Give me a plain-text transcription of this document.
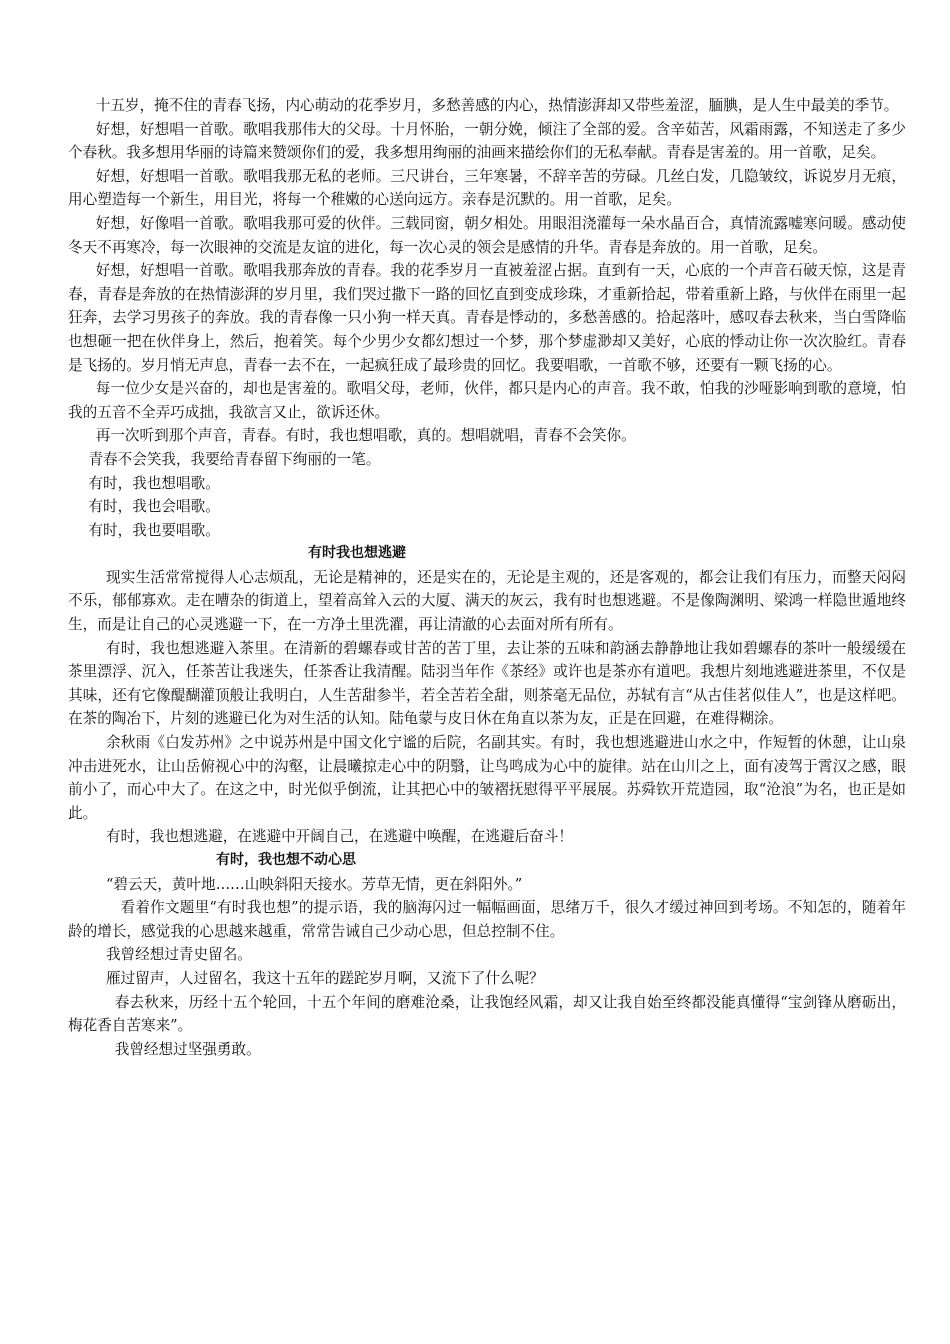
十五岁，掩不住的青春飞扬，内心萌动的花季岁月，多愁善感的内心，热情澎湃却又带些羞涩，腼腆，是人生中最美的季节。

好想，好想唱一首歌。歌唱我那伟大的父母。十月怀胎，一朝分娩，倾注了全部的爱。含辛茹苦，风霜雨露，不知送走了多少个春秋。我多想用华丽的诗篇来赞颂你们的爱，我多想用绚丽的油画来描绘你们的无私奉献。青春是害羞的。用一首歌，足矣。

好想，好想唱一首歌。歌唱我那无私的老师。三尺讲台，三年寒暑，不辞辛苦的劳碌。几丝白发，几隐皱纹，诉说岁月无痕，用心塑造每一个新生，用目光，将每一个稚嫩的心送向远方。亲春是沉默的。用一首歌，足矣。

好想，好像唱一首歌。歌唱我那可爱的伙伴。三载同窗，朝夕相处。用眼泪浇灌每一朵水晶百合，真情流露嘘寒问暖。感动使冬天不再寒冷，每一次眼神的交流是友谊的进化，每一次心灵的领会是感情的升华。青春是奔放的。用一首歌，足矣。

好想，好想唱一首歌。歌唱我那奔放的青春。我的花季岁月一直被羞涩占据。直到有一天，心底的一个声音石破天惊，这是青春，青春是奔放的在热情澎湃的岁月里，我们哭过撒下一路的回忆直到变成珍珠，才重新拾起，带着重新上路，与伙伴在雨里一起狂奔，去学习男孩子的奔放。我的青春像一只小狗一样天真。青春是悸动的，多愁善感的。拾起落叶，感叹春去秋来，当白雪降临也想砸一把在伙伴身上，然后，抱着笑。每个少男少女都幻想过一个梦，那个梦虚渺却又美好，心底的悸动让你一次次脸红。青春是飞扬的。岁月悄无声息，青春一去不在，一起疯狂成了最珍贵的回忆。我要唱歌，一首歌不够，还要有一颗飞扬的心。

每一位少女是兴奋的，却也是害羞的。歌唱父母，老师，伙伴，都只是内心的声音。我不敢，怕我的沙哑影响到歌的意境，怕我的五音不全弄巧成拙，我欲言又止，欲诉还休。

再一次听到那个声音，青春。有时，我也想唱歌，真的。想唱就唱，青春不会笑你。

青春不会笑我，我要给青春留下绚丽的一笔。

有时，我也想唱歌。

有时，我也会唱歌。

有时，我也要唱歌。

有时我也想逃避

现实生活常常搅得人心志烦乱，无论是精神的，还是实在的，无论是主观的，还是客观的，都会让我们有压力，而整天闷闷不乐，郁郁寡欢。走在嘈杂的街道上，望着高耸入云的大厦、满天的灰云，我有时也想逃避。不是像陶渊明、梁鸿一样隐世遁地终生，而是让自己的心灵逃避一下，在一方净土里洗濯，再让清澈的心去面对所有所有。

有时，我也想逃避入茶里。在清新的碧螺春或甘苦的苦丁里，去让茶的五味和韵涵去静静地让我如碧螺春的茶叶一般缓缓在茶里漂浮、沉入，任茶苦让我迷失，任茶香让我清醒。陆羽当年作《茶经》或许也是茶亦有道吧。我想片刻地逃避进茶里，不仅是其味，还有它像醍醐灌顶般让我明白，人生苦甜参半，若全苦若全甜，则茶毫无品位，苏轼有言“从古佳茗似佳人”，也是这样吧。在茶的陶冶下，片刻的逃避已化为对生活的认知。陆龟蒙与皮日休在角直以茶为友，正是在回避，在难得糊涂。

余秋雨《白发苏州》之中说苏州是中国文化宁谧的后院，名副其实。有时，我也想逃避进山水之中，作短暂的休憩，让山泉冲击进死水，让山岳俯视心中的沟壑，让晨曦掠走心中的阴翳，让鸟鸣成为心中的旋律。站在山川之上，面有凌驾于霄汉之感，眼前小了，而心中大了。在这之中，时光似乎倒流，让其把心中的皱褶抚慰得平平展展。苏舜钦开荒造园，取“沧浪”为名，也正是如此。

有时，我也想逃避，在逃避中开阔自己，在逃避中唤醒，在逃避后奋斗！

有时，我也想不动心思

“碧云天，黄叶地……山映斜阳天接水。芳草无情，更在斜阳外。”

看着作文题里“有时我也想”的提示语，我的脑海闪过一幅幅画面，思绪万千，很久才缓过神回到考场。不知怎的，随着年龄的增长，感觉我的心思越来越重，常常告诫自己少动心思，但总控制不住。

我曾经想过青史留名。

雁过留声，人过留名，我这十五年的蹉跎岁月啊，又流下了什么呢？

春去秋来，历经十五个轮回，十五个年间的磨难沧桑，让我饱经风霜，却又让我自始至终都没能真懂得“宝剑锋从磨砺出，梅花香自苦寒来”。

我曾经想过坚强勇敢。
